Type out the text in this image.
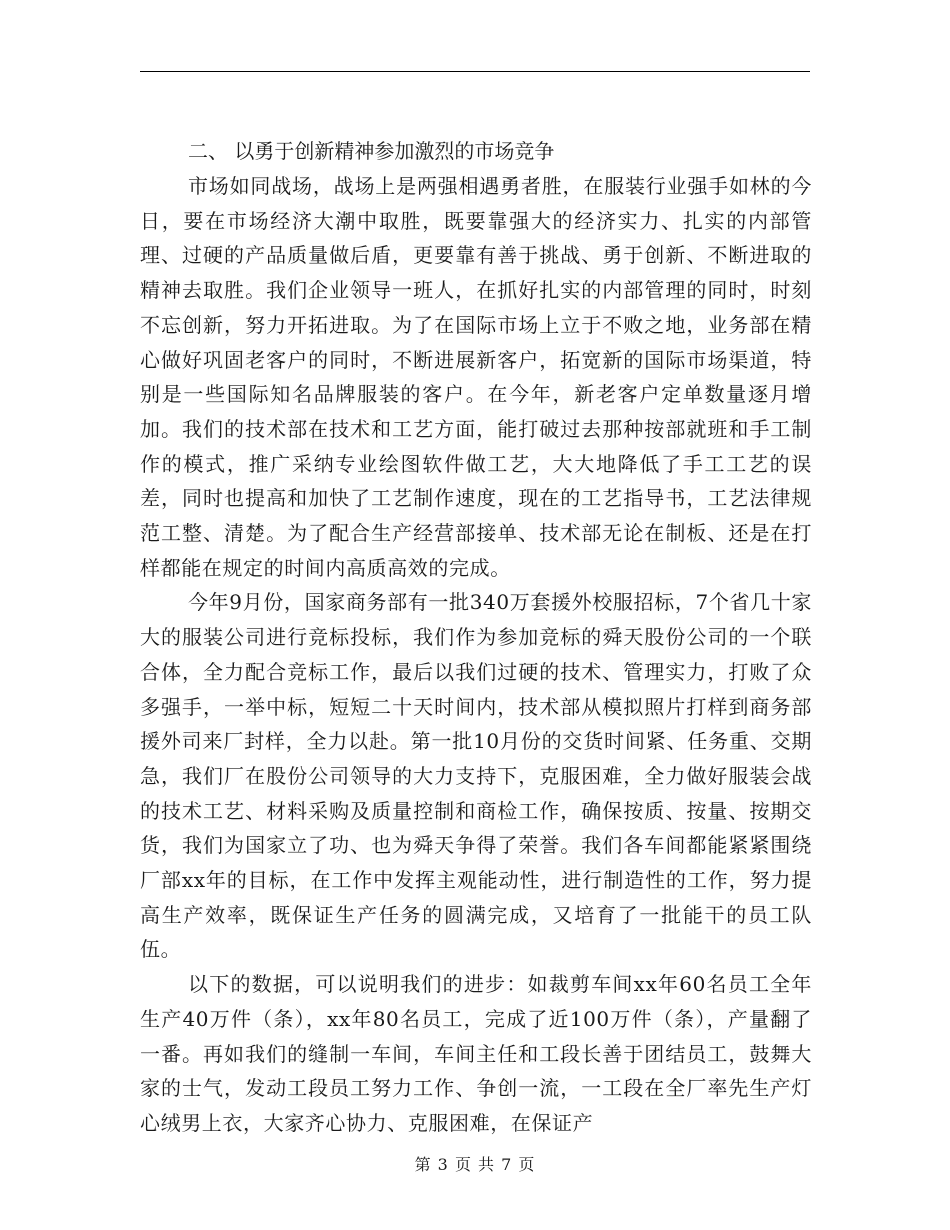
二、 以勇于创新精神参加激烈的市场竞争

市场如同战场，战场上是两强相遇勇者胜，在服装行业强手如林的今日，要在市场经济大潮中取胜，既要靠强大的经济实力、扎实的内部管理、过硬的产品质量做后盾，更要靠有善于挑战、勇于创新、不断进取的精神去取胜。我们企业领导一班人，在抓好扎实的内部管理的同时，时刻不忘创新，努力开拓进取。为了在国际市场上立于不败之地，业务部在精心做好巩固老客户的同时，不断进展新客户，拓宽新的国际市场渠道，特别是一些国际知名品牌服装的客户。在今年，新老客户定单数量逐月增加。我们的技术部在技术和工艺方面，能打破过去那种按部就班和手工制作的模式，推广采纳专业绘图软件做工艺，大大地降低了手工工艺的误差，同时也提高和加快了工艺制作速度，现在的工艺指导书，工艺法律规范工整、清楚。为了配合生产经营部接单、技术部无论在制板、还是在打样都能在规定的时间内高质高效的完成。

今年9月份，国家商务部有一批340万套援外校服招标，7个省几十家大的服装公司进行竞标投标，我们作为参加竞标的舜天股份公司的一个联合体，全力配合竞标工作，最后以我们过硬的技术、管理实力，打败了众多强手，一举中标，短短二十天时间内，技术部从模拟照片打样到商务部援外司来厂封样，全力以赴。第一批10月份的交货时间紧、任务重、交期急，我们厂在股份公司领导的大力支持下，克服困难，全力做好服装会战的技术工艺、材料采购及质量控制和商检工作，确保按质、按量、按期交货，我们为国家立了功、也为舜天争得了荣誉。我们各车间都能紧紧围绕厂部xx年的目标，在工作中发挥主观能动性，进行制造性的工作，努力提高生产效率，既保证生产任务的圆满完成，又培育了一批能干的员工队伍。

以下的数据，可以说明我们的进步：如裁剪车间xx年60名员工全年生产40万件（条），xx年80名员工，完成了近100万件（条），产量翻了一番。再如我们的缝制一车间，车间主任和工段长善于团结员工，鼓舞大家的士气，发动工段员工努力工作、争创一流，一工段在全厂率先生产灯心绒男上衣，大家齐心协力、克服困难，在保证产

第 3 页 共 7 页
